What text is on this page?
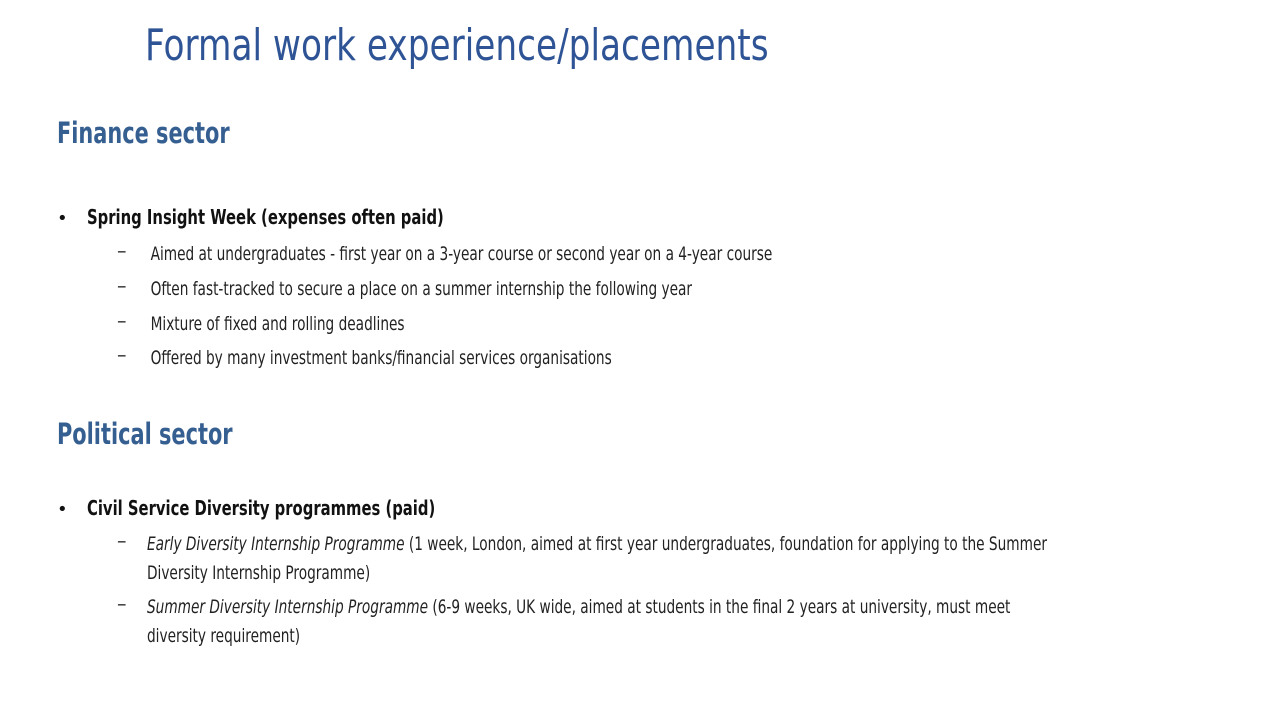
Formal work experience/placements
Finance sector
• Spring Insight Week (expenses often paid)
–	Aimed at undergraduates - first year on a 3-year course or second year on a 4-year course
–	Often fast-tracked to secure a place on a summer internship the following year
–	Mixture of fixed and rolling deadlines
–	Offered by many investment banks/financial services organisations
Political sector
• Civil Service Diversity programmes (paid)
–	Early Diversity Internship Programme (1 week, London, aimed at first year undergraduates, foundation for applying to the Summer Diversity Internship Programme)
–	Summer Diversity Internship Programme (6-9 weeks, UK wide, aimed at students in the final 2 years at university, must meet diversity requirement)
